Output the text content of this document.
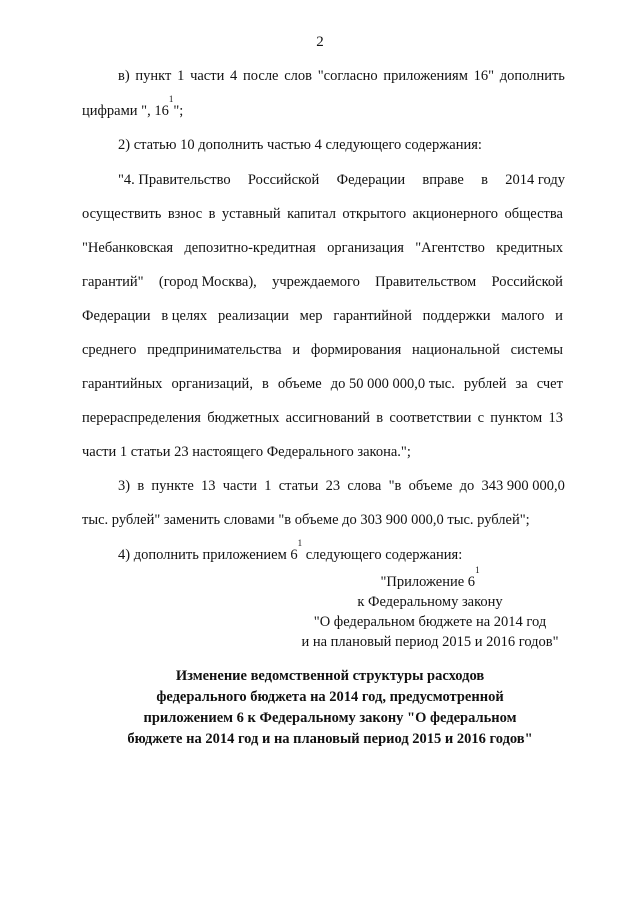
2
в) пункт 1 части 4 после слов "согласно приложениям 16" дополнить
цифрами ", $16^1$";
2) статью 10 дополнить частью 4 следующего содержания:
"4. Правительство Российской Федерации вправе в 2014 году
осуществить взнос в уставный капитал открытого акционерного общества
"Небанковская депозитно-кредитная организация "Агентство кредитных
гарантий" (город Москва), учреждаемого Правительством Российской
Федерации в целях реализации мер гарантийной поддержки малого и
среднего предпринимательства и формирования национальной системы
гарантийных организаций, в объеме до 50 000 000,0 тыс. рублей за счет
перераспределения бюджетных ассигнований в соответствии с пунктом 13
части 1 статьи 23 настоящего Федерального закона.";
3) в пункте 13 части 1 статьи 23 слова "в объеме до 343 900 000,0
тыс. рублей" заменить словами "в объеме до 303 900 000,0 тыс. рублей";
4) дополнить приложением $6^1$ следующего содержания:
"Приложение $6^1$
к Федеральному закону
"О федеральном бюджете на 2014 год
и на плановый период 2015 и 2016 годов"
Изменение ведомственной структуры расходов
федерального бюджета на 2014 год, предусмотренной
приложением 6 к Федеральному закону "О федеральном
бюджете на 2014 год и на плановый период 2015 и 2016 годов"
